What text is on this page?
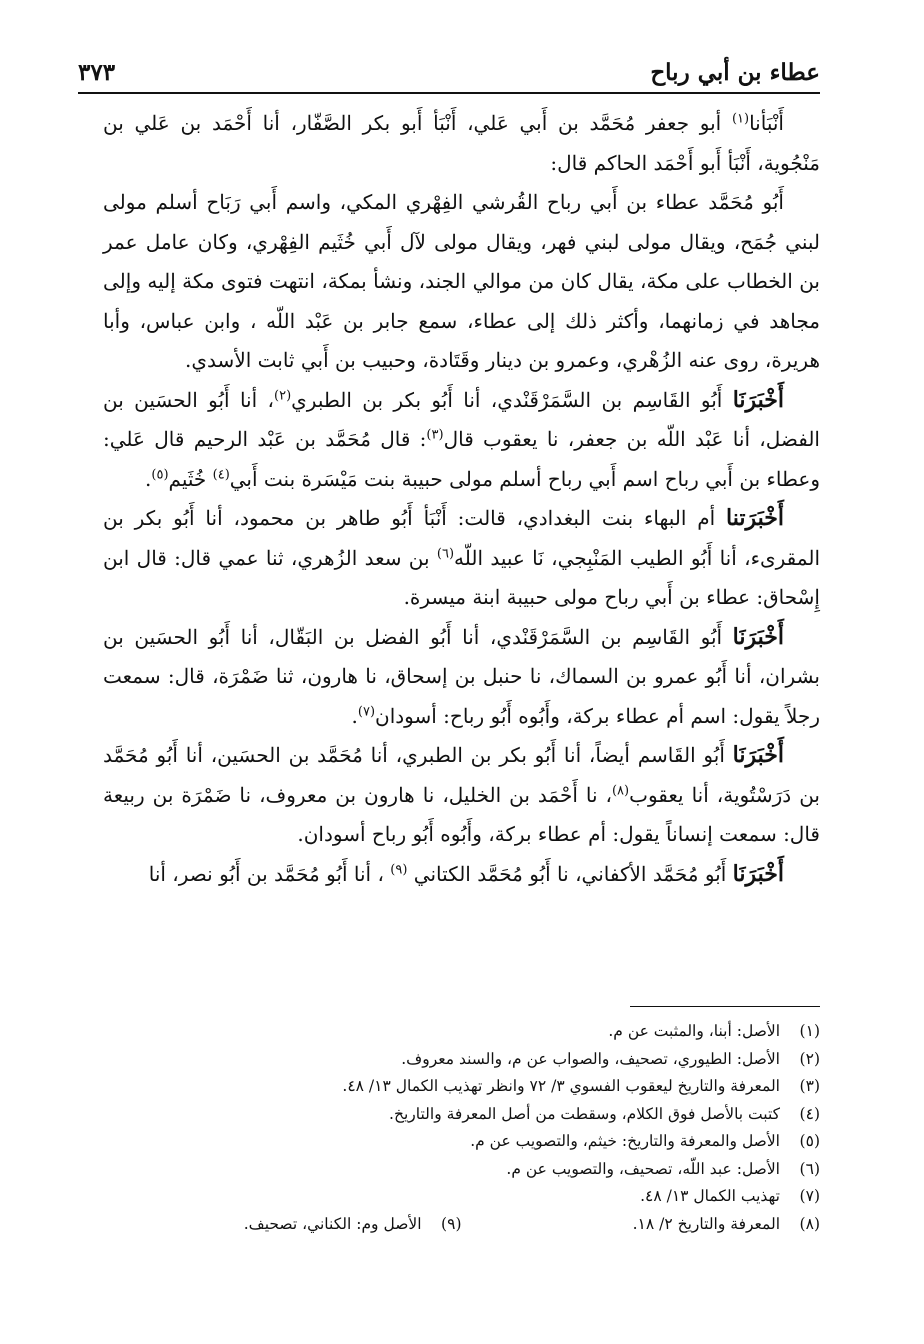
عطاء بن أبي رباح
٣٧٣

أَنْبَأنا$^{(١)}$ أبو جعفر مُحَمَّد بن أَبي عَلي، أَنْبَأ أَبو بكر الصَّفّار، أنا أَحْمَد بن عَلي بن مَنْجُوية، أَنْبَأ أَبو أَحْمَد الحاكم قال:

أَبُو مُحَمَّد عطاء بن أَبي رباح القُرشي الفِهْري المكي، واسم أَبي رَبَاح أسلم مولى لبني جُمَح، ويقال مولى لبني فهر، ويقال مولى لآل أَبي خُثَيم الفِهْري، وكان عامل عمر بن الخطاب على مكة، يقال كان من موالي الجند، ونشأ بمكة، انتهت فتوى مكة إليه وإلى مجاهد في زمانهما، وأكثر ذلك إلى عطاء، سمع جابر بن عَبْد اللّه ، وابن عباس، وأبا هريرة، روى عنه الزُهْري، وعمرو بن دينار وقَتَادة، وحبيب بن أَبي ثابت الأسدي.

أَخْبَرَنَا أَبُو القَاسِم بن السَّمَرْقَنْدي، أنا أَبُو بكر بن الطبري$^{(٢)}$، أنا أَبُو الحسَين بن الفضل، أنا عَبْد اللّه بن جعفر، نا يعقوب قال$^{(٣)}$: قال مُحَمَّد بن عَبْد الرحيم قال عَلي: وعطاء بن أَبي رباح اسم أَبي رباح أسلم مولى حبيبة بنت مَيْسَرة بنت أَبي$^{(٤)}$ خُثَيم$^{(٥)}$.

أَخْبَرَتنا أم البهاء بنت البغدادي، قالت: أَنْبَأ أَبُو طاهر بن محمود، أنا أَبُو بكر بن المقرىء، أنا أَبُو الطيب المَنْبِجي، نَا عبيد اللّه$^{(٦)}$ بن سعد الزُهري، ثنا عمي قال: قال ابن إِسْحاق: عطاء بن أَبي رباح مولى حبيبة ابنة ميسرة.

أَخْبَرَنَا أَبُو القَاسِم بن السَّمَرْقَنْدي، أنا أَبُو الفضل بن البَقّال، أنا أَبُو الحسَين بن بشران، أنا أَبُو عمرو بن السماك، نا حنبل بن إسحاق، نا هارون، ثنا ضَمْرَة، قال: سمعت رجلاً يقول: اسم أم عطاء بركة، وأَبُوه أَبُو رباح: أسودان$^{(٧)}$.

أَخْبَرَنَا أَبُو القَاسم أيضاً، أنا أَبُو بكر بن الطبري، أنا مُحَمَّد بن الحسَين، أنا أَبُو مُحَمَّد بن دَرَسْتُوية، أنا يعقوب$^{(٨)}$، نا أَحْمَد بن الخليل، نا هارون بن معروف، نا ضَمْرَة بن ربيعة قال: سمعت إنساناً يقول: أم عطاء بركة، وأَبُوه أَبُو رباح أسودان.

أَخْبَرَنَا أَبُو مُحَمَّد الأكفاني، نا أَبُو مُحَمَّد الكتاني $^{(٩)}$ ، أنا أَبُو مُحَمَّد بن أَبُو نصر، أنا

(١)
الأصل: أبنا، والمثبت عن م.
(٢)
الأصل: الطيوري، تصحيف، والصواب عن م، والسند معروف.
(٣)
المعرفة والتاريخ ليعقوب الفسوي ٣/ ٧٢ وانظر تهذيب الكمال ١٣/ ٤٨.
(٤)
كتبت بالأصل فوق الكلام، وسقطت من أصل المعرفة والتاريخ.
(٥)
الأصل والمعرفة والتاريخ: خيثم، والتصويب عن م.
(٦)
الأصل: عبد اللّه، تصحيف، والتصويب عن م.
(٧)
تهذيب الكمال ١٣/ ٤٨.
(٨)
المعرفة والتاريخ ٢/ ١٨.
(٩)
الأصل وم: الكناني، تصحيف.
